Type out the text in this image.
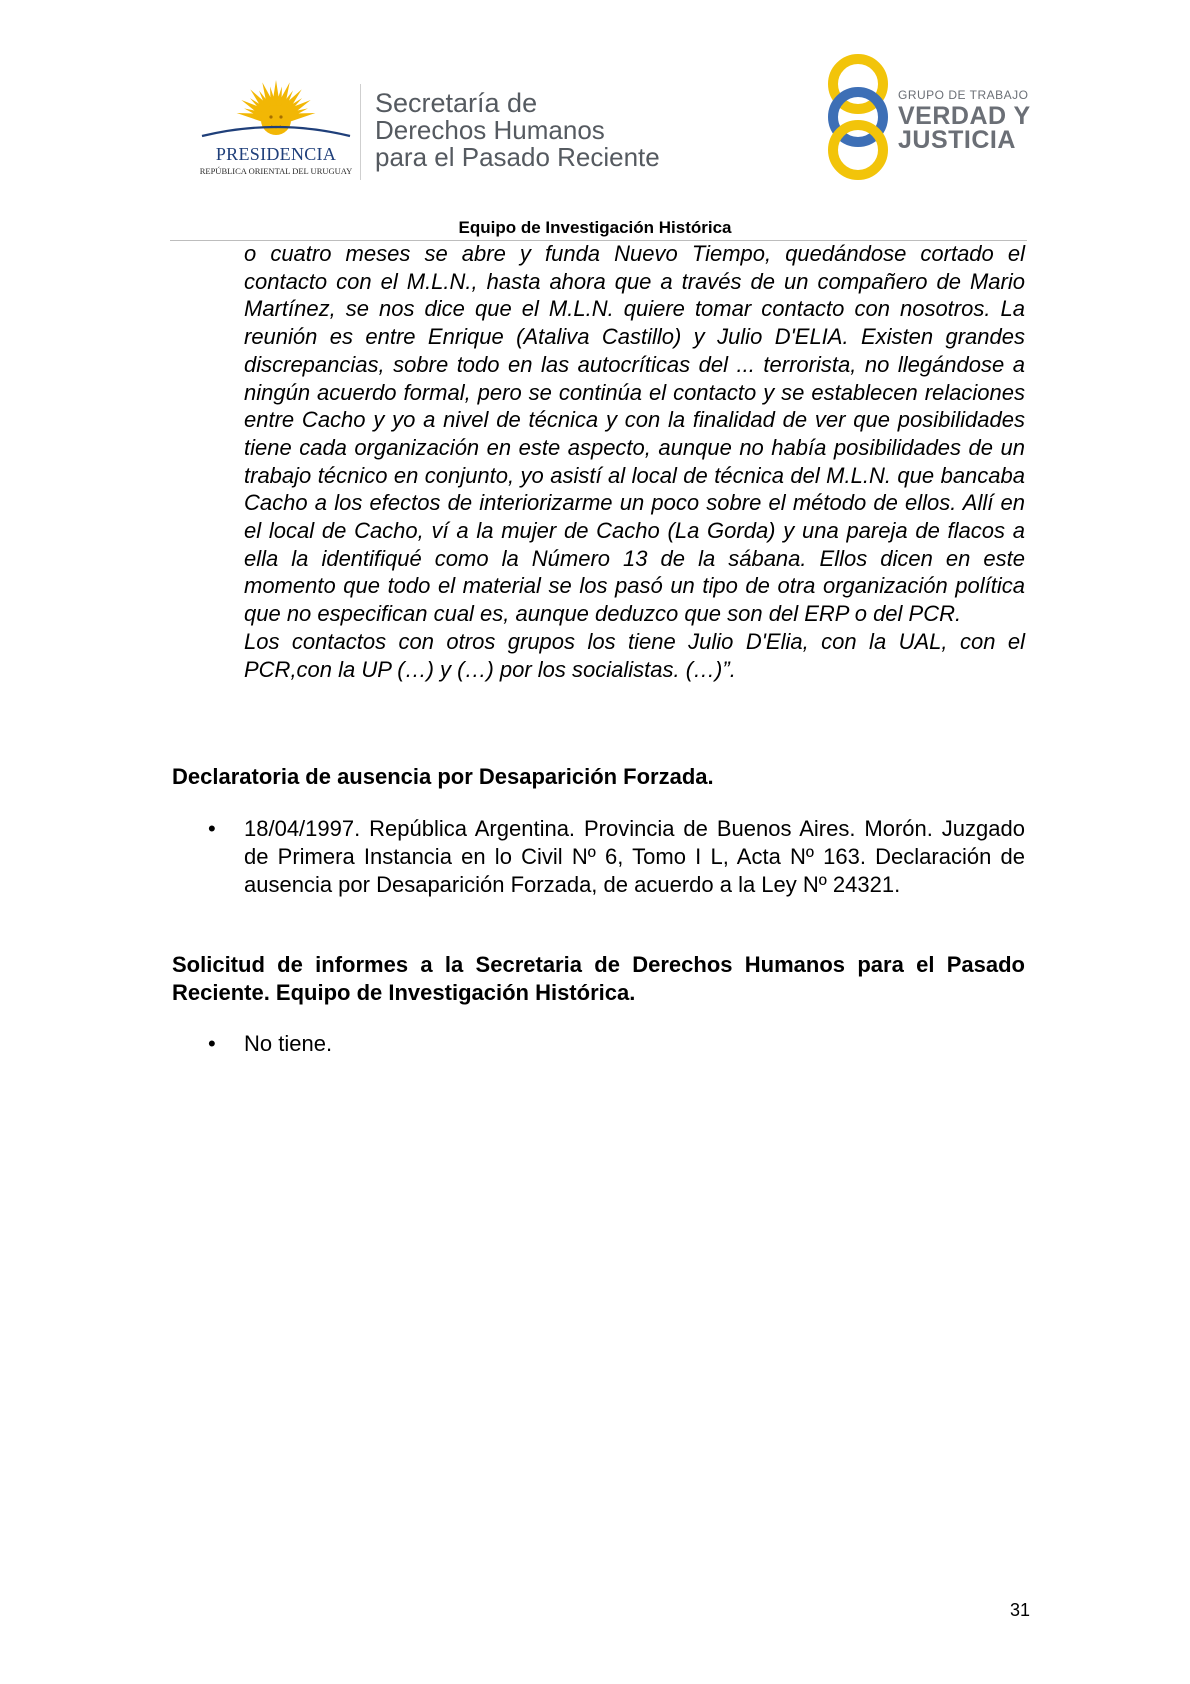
PRESIDENCIA
REPÚBLICA ORIENTAL DEL URUGUAY
Secretaría de
Derechos Humanos
para el Pasado Reciente
GRUPO DE TRABAJO
VERDAD Y
JUSTICIA
Equipo de Investigación Histórica

o cuatro meses se abre y funda Nuevo Tiempo, quedándose cortado el contacto con el M.L.N., hasta ahora que a través de un compañero de Mario Martínez, se nos dice que el M.L.N. quiere tomar contacto con nosotros. La reunión es entre Enrique (Ataliva Castillo) y Julio D'ELIA. Existen grandes discrepancias, sobre todo en las autocríticas del ... terrorista, no llegándose a ningún acuerdo formal, pero se continúa el contacto y se establecen relaciones entre Cacho y yo a nivel de técnica y con la finalidad de ver que posibilidades tiene cada organización en este aspecto, aunque no había posibilidades de un trabajo técnico en conjunto, yo asistí al local de técnica del M.L.N. que bancaba Cacho a los efectos de interiorizarme un poco sobre el método de ellos. Allí en el local de Cacho, ví a la mujer de Cacho (La Gorda) y una pareja de flacos a ella la identifiqué como la Número 13 de la sábana. Ellos dicen en este momento que todo el material se los pasó un tipo de otra organización política que no especifican cual es, aunque deduzco que son del ERP o del PCR.

Los contactos con otros grupos los tiene Julio D'Elia, con la UAL, con el PCR,con la UP (…) y (…) por los socialistas. (…)”.

Declaratoria de ausencia por Desaparición Forzada.
• 18/04/1997. República Argentina. Provincia de Buenos Aires. Morón. Juzgado de Primera Instancia en lo Civil Nº 6, Tomo I L, Acta Nº 163. Declaración de ausencia por Desaparición Forzada, de acuerdo a la Ley Nº 24321.
Solicitud de informes a la Secretaria de Derechos Humanos para el Pasado Reciente. Equipo de Investigación Histórica.
• No tiene.
31
